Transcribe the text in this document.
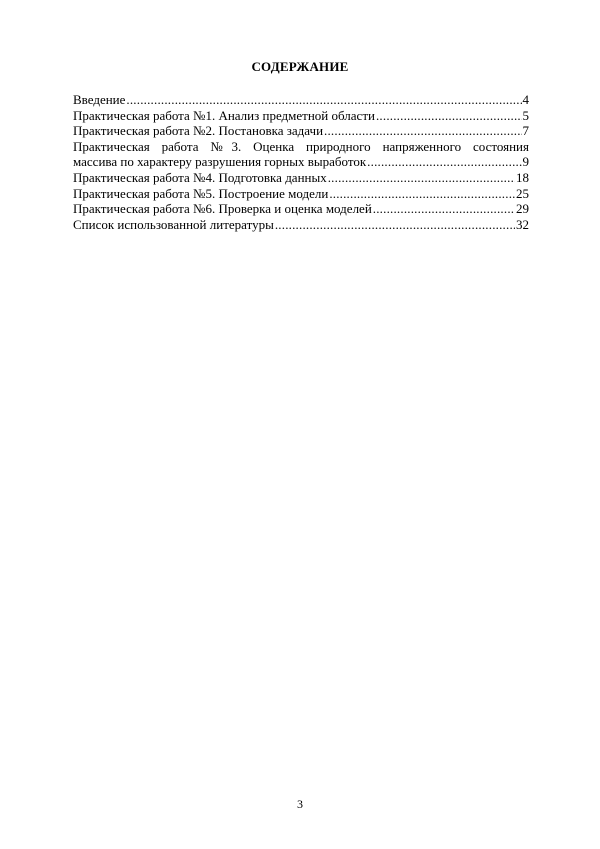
СОДЕРЖАНИЕ
Введение .....	4
Практическая работа №1. Анализ предметной области .....	5
Практическая работа №2. Постановка задачи .....	7
Практическая работа №3. Оценка природного напряженного состояния
массива по характеру разрушения горных выработок .....	9
Практическая работа №4. Подготовка данных .....	18
Практическая работа №5. Построение модели .....	25
Практическая работа №6. Проверка и оценка моделей .....	29
Список использованной литературы .....	32
3
